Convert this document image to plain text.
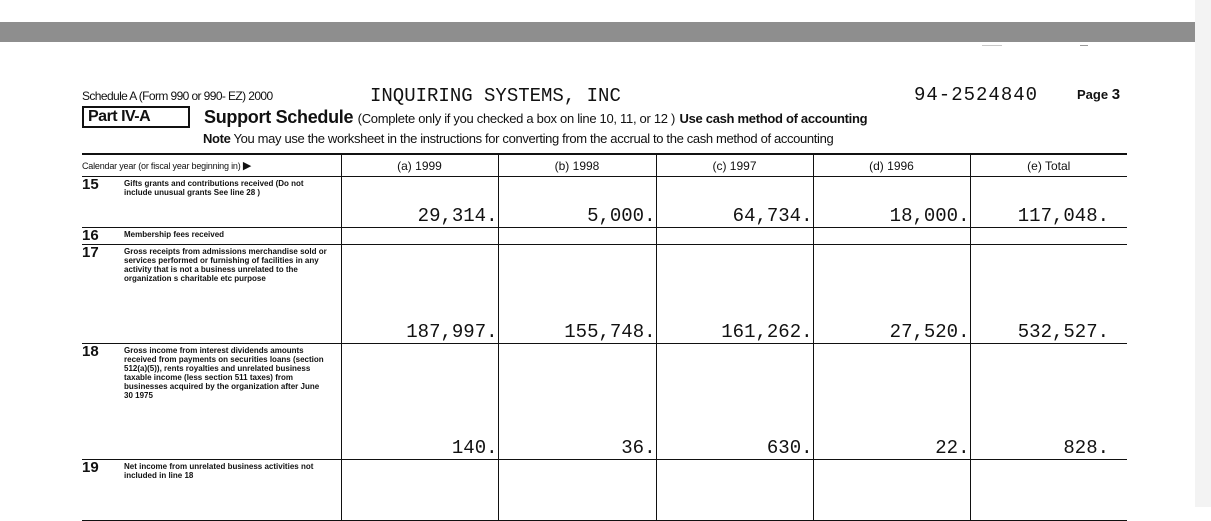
Schedule A (Form 990 or 990- EZ) 2000	INQUIRING SYSTEMS, INC	94-2524840	Page 3
Part IV-A	Support Schedule (Complete only if you checked a box on line 10, 11, or 12 ) Use cash method of accounting
Note You may use the worksheet in the instructions for converting from the accrual to the cash method of accounting
Calendar year (or fiscal year beginning in) ▶	(a) 1999	(b) 1998	(c) 1997	(d) 1996	(e) Total

15 Gifts grants and contributions received (Do not include unusual grants See line 28 )	29,314.	5,000.	64,734.	18,000.	117,048.

16 Membership fees received					

17 Gross receipts from admissions merchandise sold or services performed or furnishing of facilities in any activity that is not a business unrelated to the organization s charitable etc purpose	187,997.	155,748.	161,262.	27,520.	532,527.

18 Gross income from interest dividends amounts received from payments on securities loans (section 512(a)(5)), rents royalties and unrelated business taxable income (less section 511 taxes) from businesses acquired by the organization after June 30 1975	140.	36.	630.	22.	828.

19 Net income from unrelated business activities not included in line 18					
